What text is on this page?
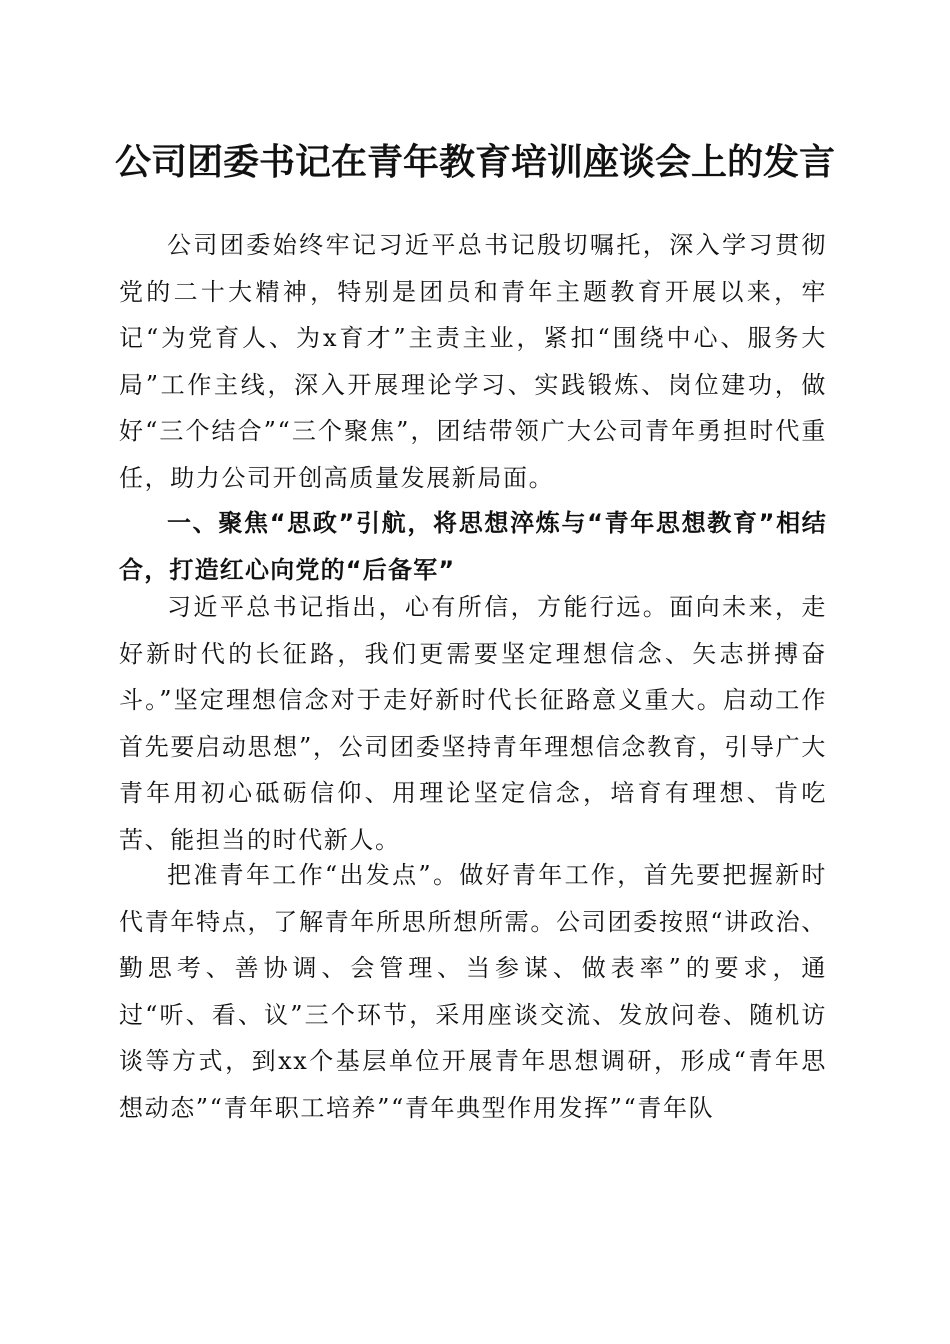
公司团委书记在青年教育培训座谈会上的发言

公司团委始终牢记习近平总书记殷切嘱托，深入学习贯彻党的二十大精神，特别是团员和青年主题教育开展以来，牢记“为党育人、为x育才”主责主业，紧扣“围绕中心、服务大局”工作主线，深入开展理论学习、实践锻炼、岗位建功，做好“三个结合”“三个聚焦”，团结带领广大公司青年勇担时代重任，助力公司开创高质量发展新局面。

一、聚焦“思政”引航，将思想淬炼与“青年思想教育”相结合，打造红心向党的“后备军”

习近平总书记指出，心有所信，方能行远。面向未来，走好新时代的长征路，我们更需要坚定理想信念、矢志拼搏奋斗。”坚定理想信念对于走好新时代长征路意义重大。启动工作首先要启动思想”，公司团委坚持青年理想信念教育，引导广大青年用初心砥砺信仰、用理论坚定信念，培育有理想、肯吃苦、能担当的时代新人。

把准青年工作“出发点”。做好青年工作，首先要把握新时代青年特点，了解青年所思所想所需。公司团委按照“讲政治、勤思考、善协调、会管理、当参谋、做表率”的要求，通过“听、看、议”三个环节，采用座谈交流、发放问卷、随机访谈等方式，到xx个基层单位开展青年思想调研，形成“青年思想动态”“青年职工培养”“青年典型作用发挥”“青年队
